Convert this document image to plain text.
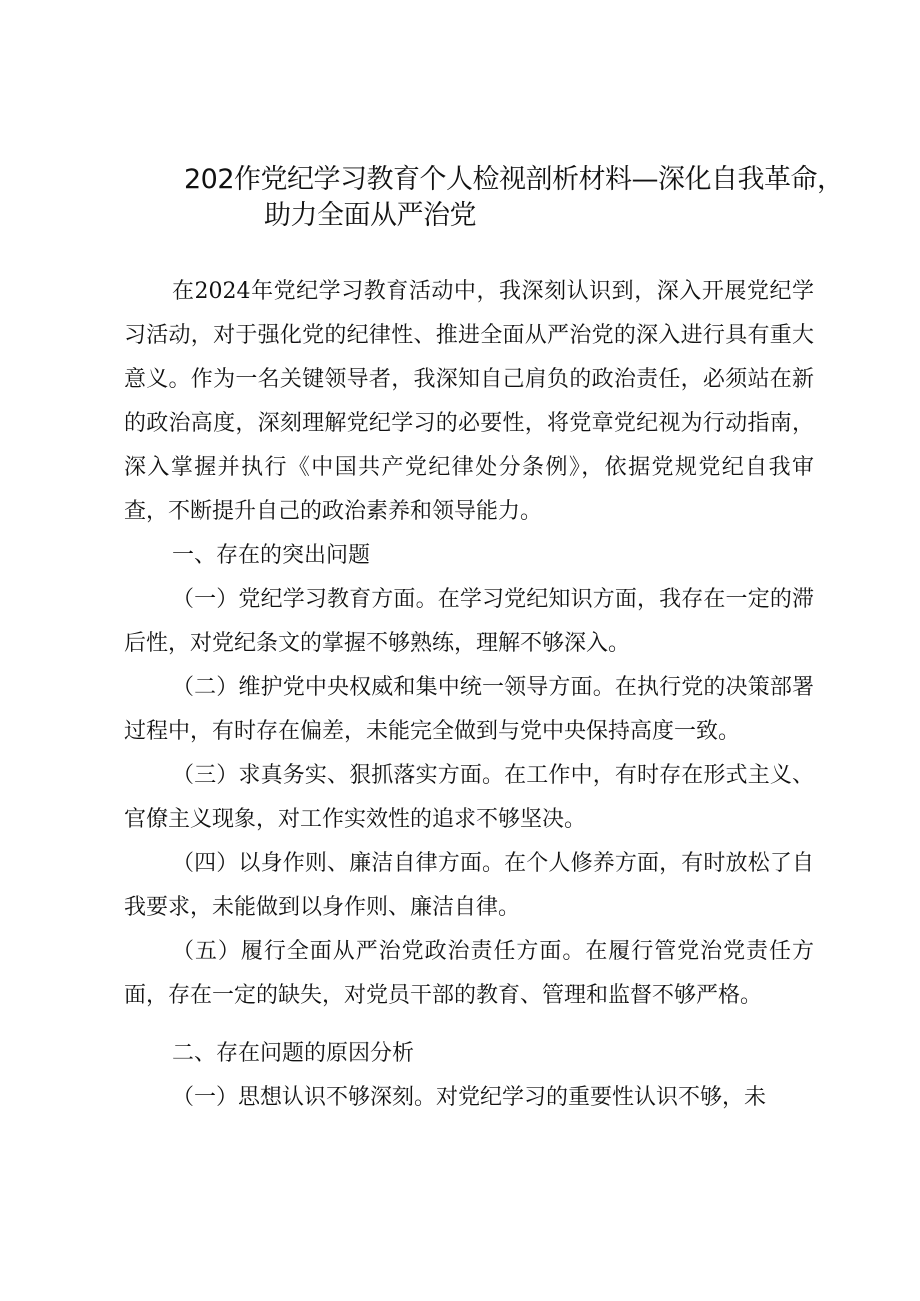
202作党纪学习教育个人检视剖析材料—深化自我革命，
助力全面从严治党

在2024年党纪学习教育活动中，我深刻认识到，深入开展党纪学习活动，对于强化党的纪律性、推进全面从严治党的深入进行具有重大意义。作为一名关键领导者，我深知自己肩负的政治责任，必须站在新的政治高度，深刻理解党纪学习的必要性，将党章党纪视为行动指南，深入掌握并执行《中国共产党纪律处分条例》，依据党规党纪自我审查，不断提升自己的政治素养和领导能力。

一、存在的突出问题

（一）党纪学习教育方面。在学习党纪知识方面，我存在一定的滞后性，对党纪条文的掌握不够熟练，理解不够深入。

（二）维护党中央权威和集中统一领导方面。在执行党的决策部署过程中，有时存在偏差，未能完全做到与党中央保持高度一致。

（三）求真务实、狠抓落实方面。在工作中，有时存在形式主义、官僚主义现象，对工作实效性的追求不够坚决。

（四）以身作则、廉洁自律方面。在个人修养方面，有时放松了自我要求，未能做到以身作则、廉洁自律。

（五）履行全面从严治党政治责任方面。在履行管党治党责任方面，存在一定的缺失，对党员干部的教育、管理和监督不够严格。

二、存在问题的原因分析

（一）思想认识不够深刻。对党纪学习的重要性认识不够，未
